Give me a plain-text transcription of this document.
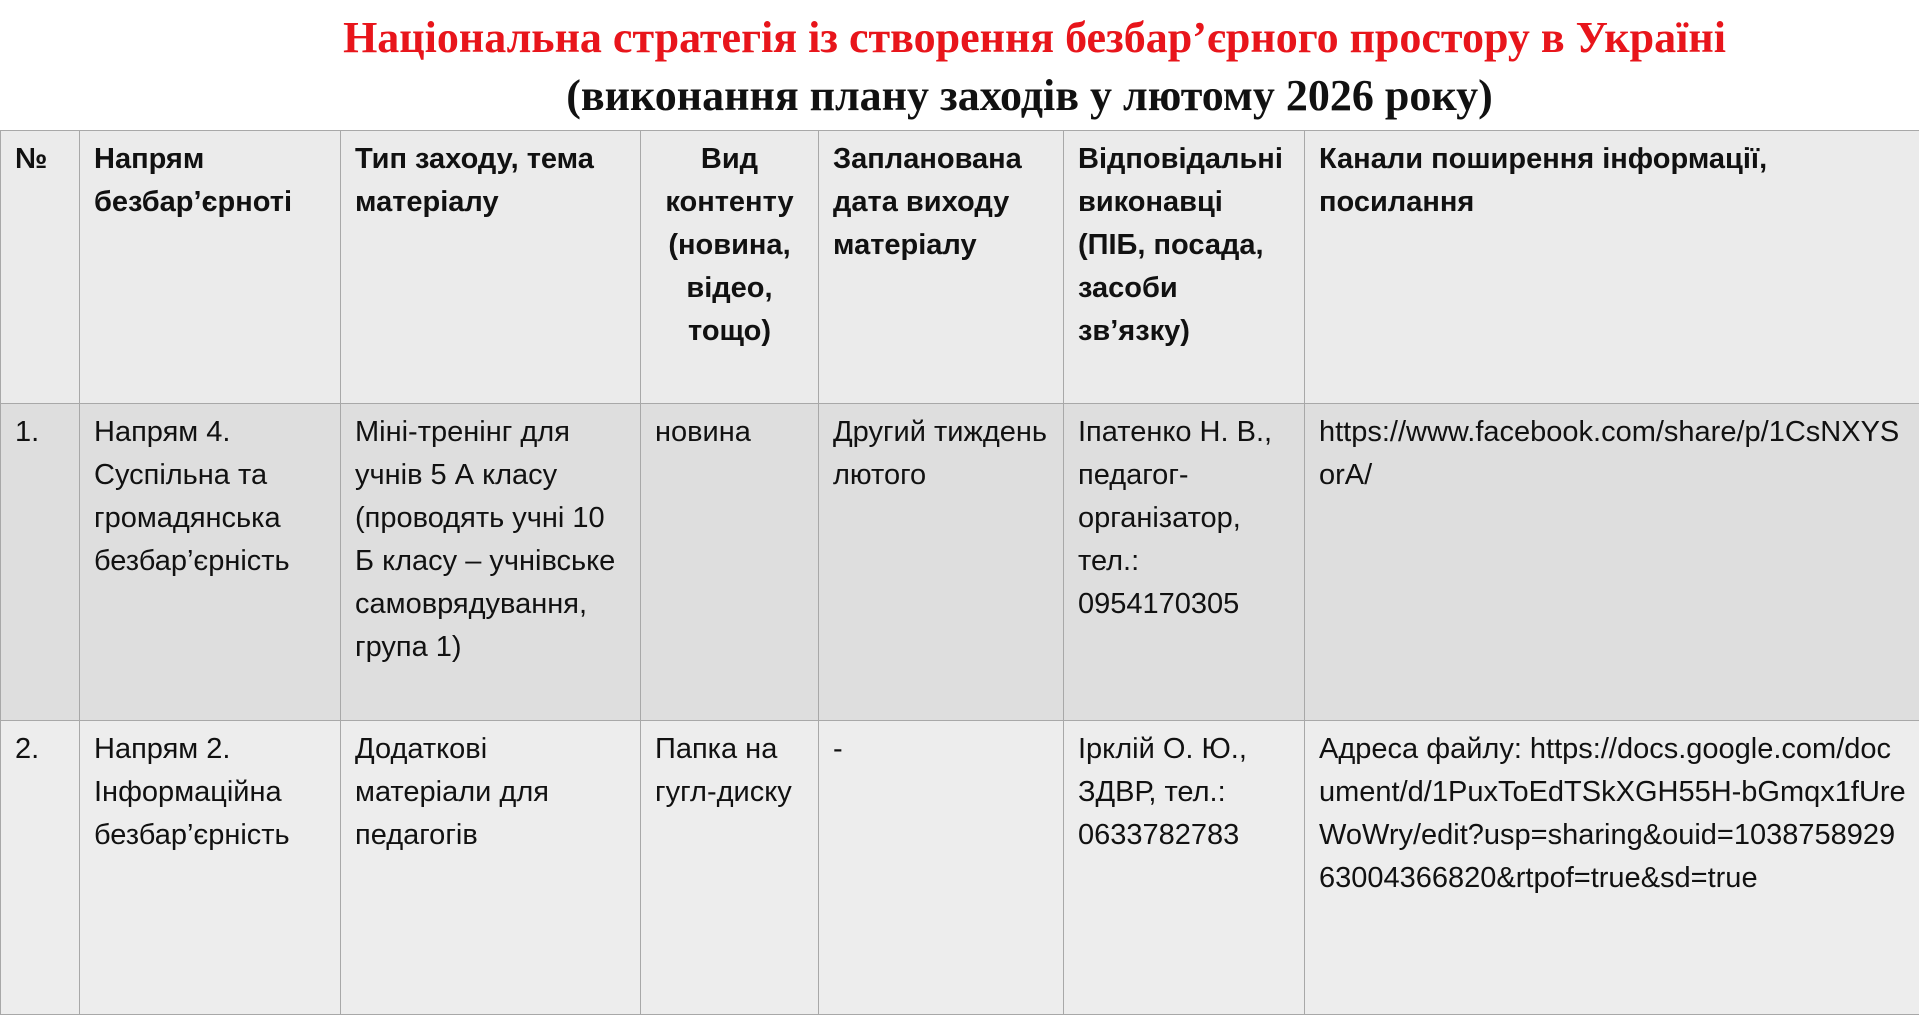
Національна стратегія із створення безбар’єрного простору в Україні
(виконання плану заходів у лютому 2026 року)
№	Напрям безбар’єрноті	Тип заходу, тема матеріалу	Вид контенту (новина, відео, тощо)	Запланована дата виходу матеріалу	Відповідальні виконавці (ПІБ, посада, засоби зв’язку)	Канали поширення інформації, посилання
1.	Напрям 4. Суспільна та громадянська безбар’єрність	Міні-тренінг для учнів 5 А класу (проводять учні 10 Б класу – учнівське самоврядування, група 1)	новина	Другий тиждень лютого	Іпатенко Н. В., педагог-організатор, тел.: 0954170305	https://www.facebook.com/share/p/1CsNXYSorA/
2.	Напрям 2. Інформаційна безбар’єрність	Додаткові матеріали для педагогів	Папка на гугл-диску	-	Ірклій О. Ю., ЗДВР, тел.: 0633782783	Адреса файлу: https://docs.google.com/document/d/1PuxToEdTSkXGH55H-bGmqx1fUreWoWry/edit?usp=sharing&ouid=103875892963004366820&rtpof=true&sd=true
